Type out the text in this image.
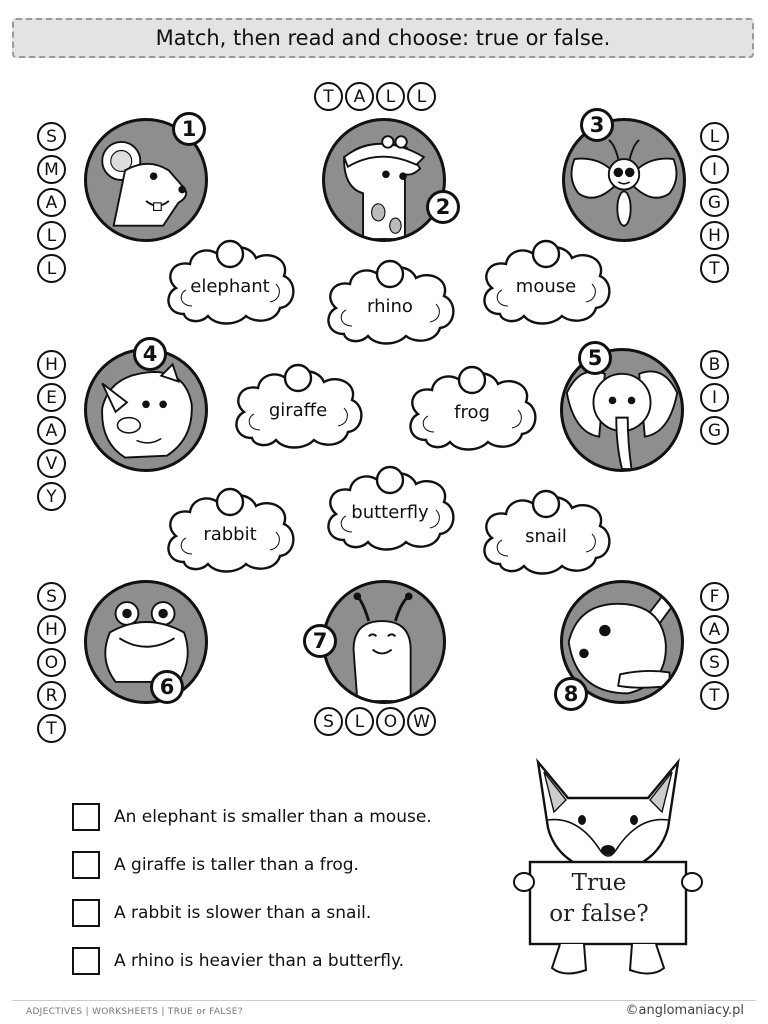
Match, then read and choose: true or false.
T	A	L	L
S
M
A
L
L
L
I
G
H
T
H
E
A
V
Y
B
I
G
S
H
O
R
T
F
A
S
T
S	L	O W
1
2
3
4	5
6
7
8
elephant
rhino
mouse
giraffe	frog
rabbit
butterfly
snail
An elephant is smaller than a mouse.
A giraffe is taller than a frog.
A rabbit is slower than a snail.
A rhino is heavier than a butterfly.
True
or false?
ADJECTIVES | WORKSHEETS | TRUE or FALSE?	©anglomaniacy.pl
